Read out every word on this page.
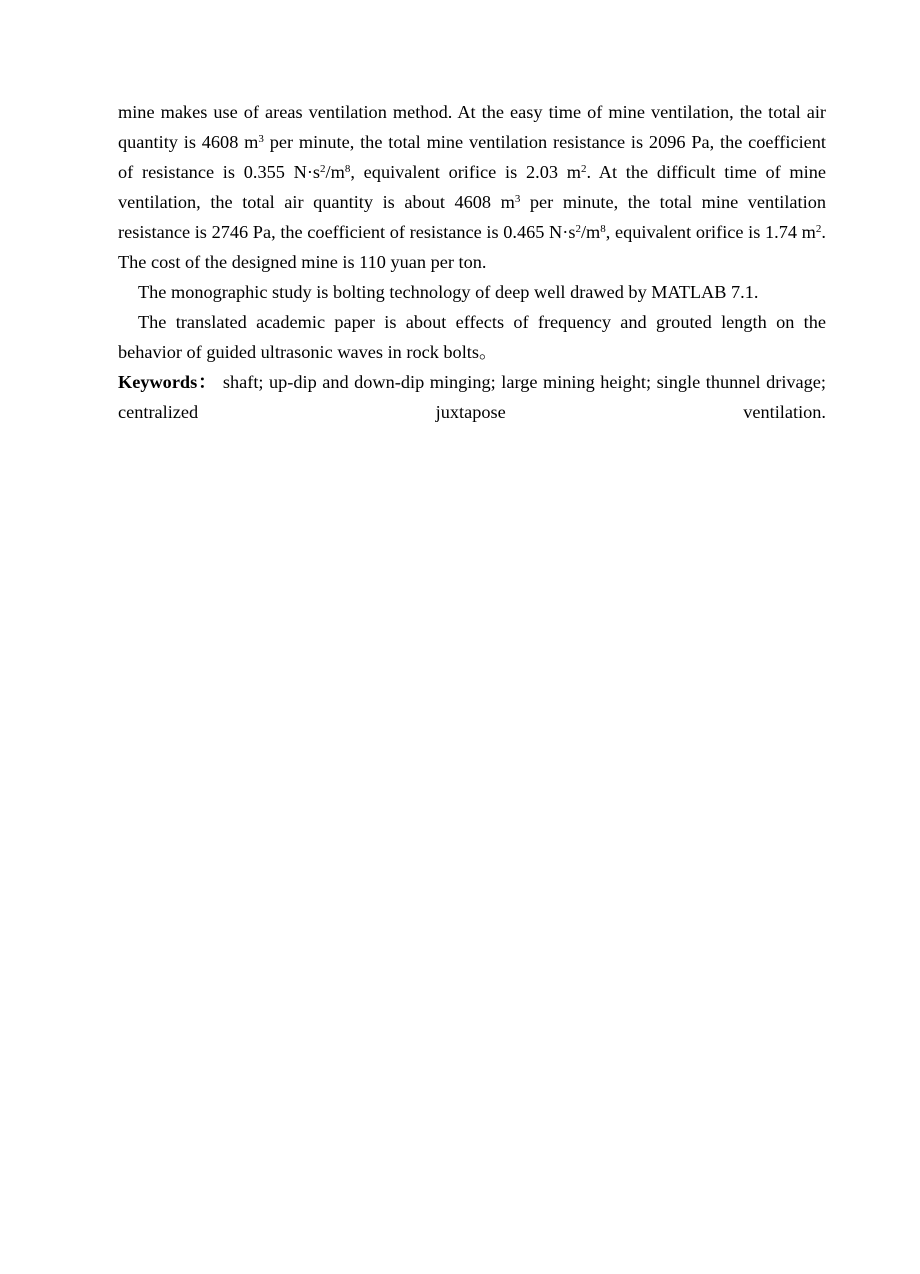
mine makes use of areas ventilation method. At the easy time of mine ventilation, the total air quantity is 4608 $m^3$ per minute, the total mine ventilation resistance is 2096 Pa, the coefficient of resistance is 0.355 $N\cdot s^2/m^8$, equivalent orifice is 2.03 $m^2$. At the difficult time of mine ventilation, the total air quantity is about 4608 $m^3$ per minute, the total mine ventilation resistance is 2746 Pa, the coefficient of resistance is 0.465 $N\cdot s^2/m^8$, equivalent orifice is 1.74 $m^2$. The cost of the designed mine is 110 yuan per ton.

The monographic study is bolting technology of deep well drawed by MATLAB 7.1.

The translated academic paper is about effects of frequency and grouted length on the behavior of guided ultrasonic waves in rock bolts。

Keywords： shaft; up-dip and down-dip minging; large mining height; single thunnel drivage; centralized juxtapose ventilation.
